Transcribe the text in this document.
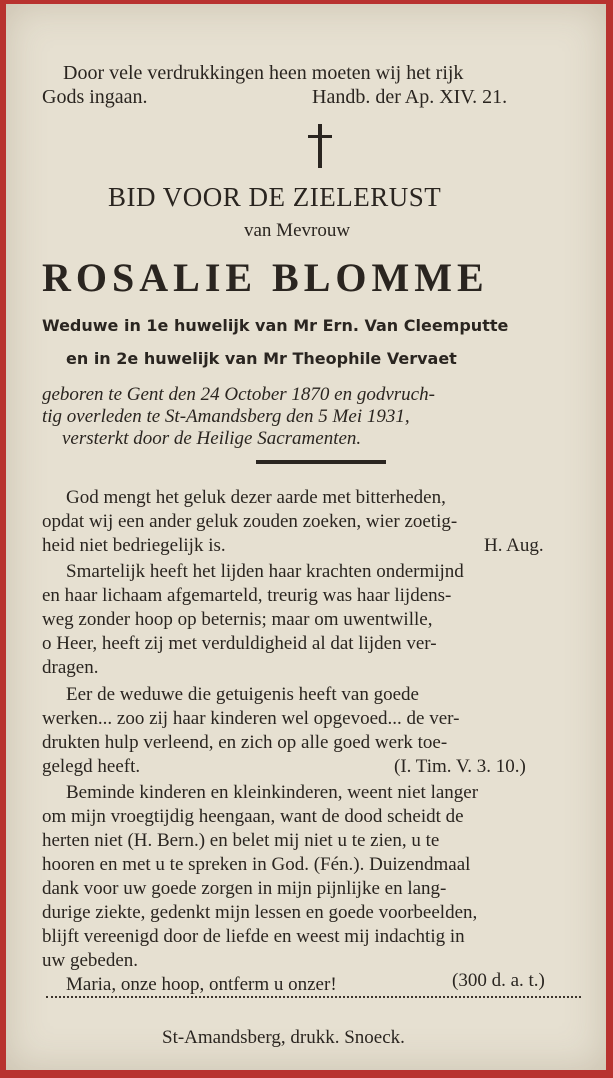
Door vele verdrukkingen heen moeten wij het rijk
Gods ingaan.	Handb. der Ap. XIV. 21.
BID VOOR DE ZIELERUST
van Mevrouw
ROSALIE BLOMME
Weduwe in 1e huwelijk van Mr Ern. Van Cleemputte
en in 2e huwelijk van Mr Theophile Vervaet
geboren te Gent den 24 October 1870 en godvruch-
tig overleden te St-Amandsberg den 5 Mei 1931,
versterkt door de Heilige Sacramenten.
God mengt het geluk dezer aarde met bitterheden,
opdat wij een ander geluk zouden zoeken, wier zoetig-
heid niet bedriegelijk is.	H. Aug.
Smartelijk heeft het lijden haar krachten ondermijnd
en haar lichaam afgemarteld, treurig was haar lijdens-
weg zonder hoop op beternis; maar om uwentwille,
o Heer, heeft zij met verduldigheid al dat lijden ver-
dragen.
Eer de weduwe die getuigenis heeft van goede
werken... zoo zij haar kinderen wel opgevoed... de ver-
drukten hulp verleend, en zich op alle goed werk toe-
gelegd heeft.	(I. Tim. V. 3. 10.)
Beminde kinderen en kleinkinderen, weent niet langer
om mijn vroegtijdig heengaan, want de dood scheidt de
herten niet (H. Bern.) en belet mij niet u te zien, u te
hooren en met u te spreken in God. (Fén.). Duizendmaal
dank voor uw goede zorgen in mijn pijnlijke en lang-
durige ziekte, gedenkt mijn lessen en goede voorbeelden,
blijft vereenigd door de liefde en weest mij indachtig in
uw gebeden.
Maria, onze hoop, ontferm u onzer!	(300 d. a. t.)
St-Amandsberg, drukk. Snoeck.
